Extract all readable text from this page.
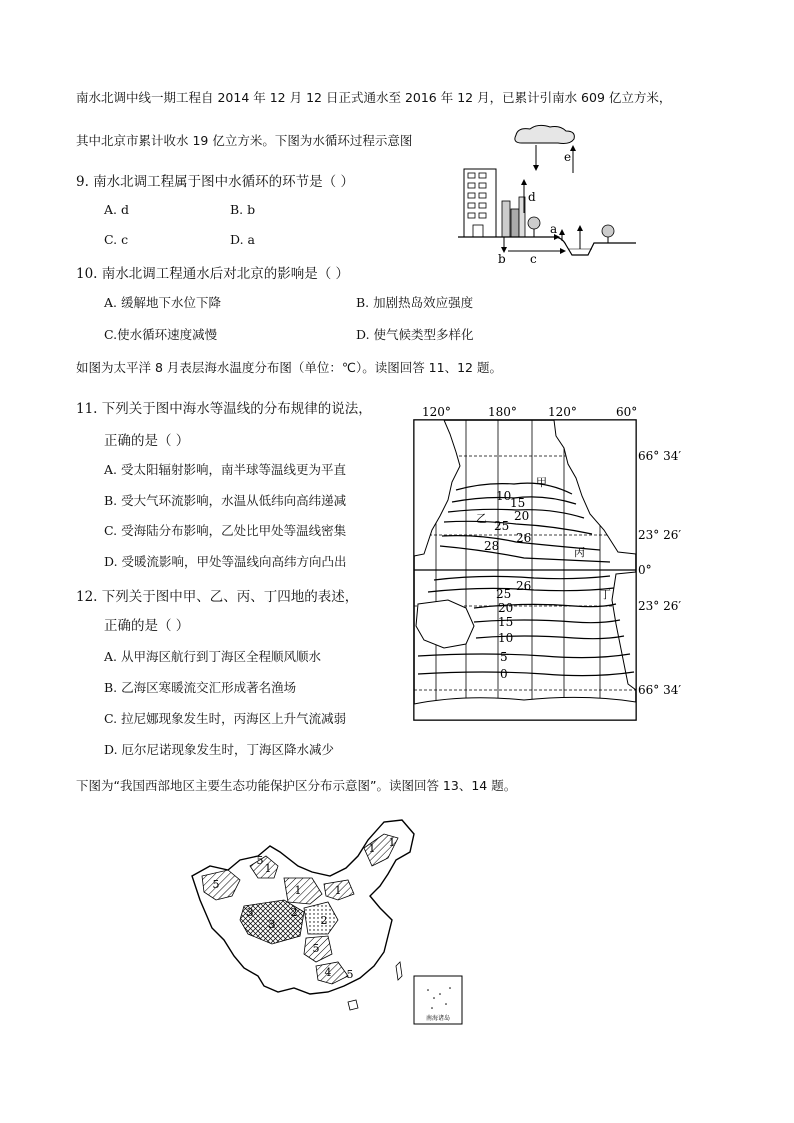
南水北调中线一期工程自 2014 年 12 月 12 日正式通水至 2016 年 12 月，已累计引南水 609 亿立方米，
其中北京市累计收水 19 亿立方米。下图为水循环过程示意图
e
d
a
b c
9. 南水北调工程属于图中水循环的环节是（ ）
A. d	B. b
C. c	D. a
10. 南水北调工程通水后对北京的影响是（ ）
A. 缓解地下水位下降	B. 加剧热岛效应强度
C.使水循环速度减慢	D. 使气候类型多样化
如图为太平洋 8 月表层海水温度分布图（单位：℃）。读图回答 11、12 题。
11. 下列关于图中海水等温线的分布规律的说法，
正确的是（ ）
A. 受太阳辐射影响，南半球等温线更为平直
B. 受大气环流影响，水温从低纬向高纬递减
C. 受海陆分布影响，乙处比甲处等温线密集
D. 受暖流影响，甲处等温线向高纬方向凸出
12. 下列关于图中甲、乙、丙、丁四地的表述，
正确的是（ ）
A. 从甲海区航行到丁海区全程顺风顺水
B. 乙海区寒暖流交汇形成著名渔场
C. 拉尼娜现象发生时，丙海区上升气流减弱
D. 厄尔尼诺现象发生时，丁海区降水减少
120°	180°	120°	60°
66° 34′
23° 26′
0°
23° 26′
66° 34′
10
15
20
25
26
28
26
25
20
15
10
5
0
甲
乙
丙
丁
下图为“我国西部地区主要生态功能保护区分布示意图”。读图回答 13、14 题。
5
1 1
1	1
2
3
5
4
2
3
5
1
5
南海诸岛
